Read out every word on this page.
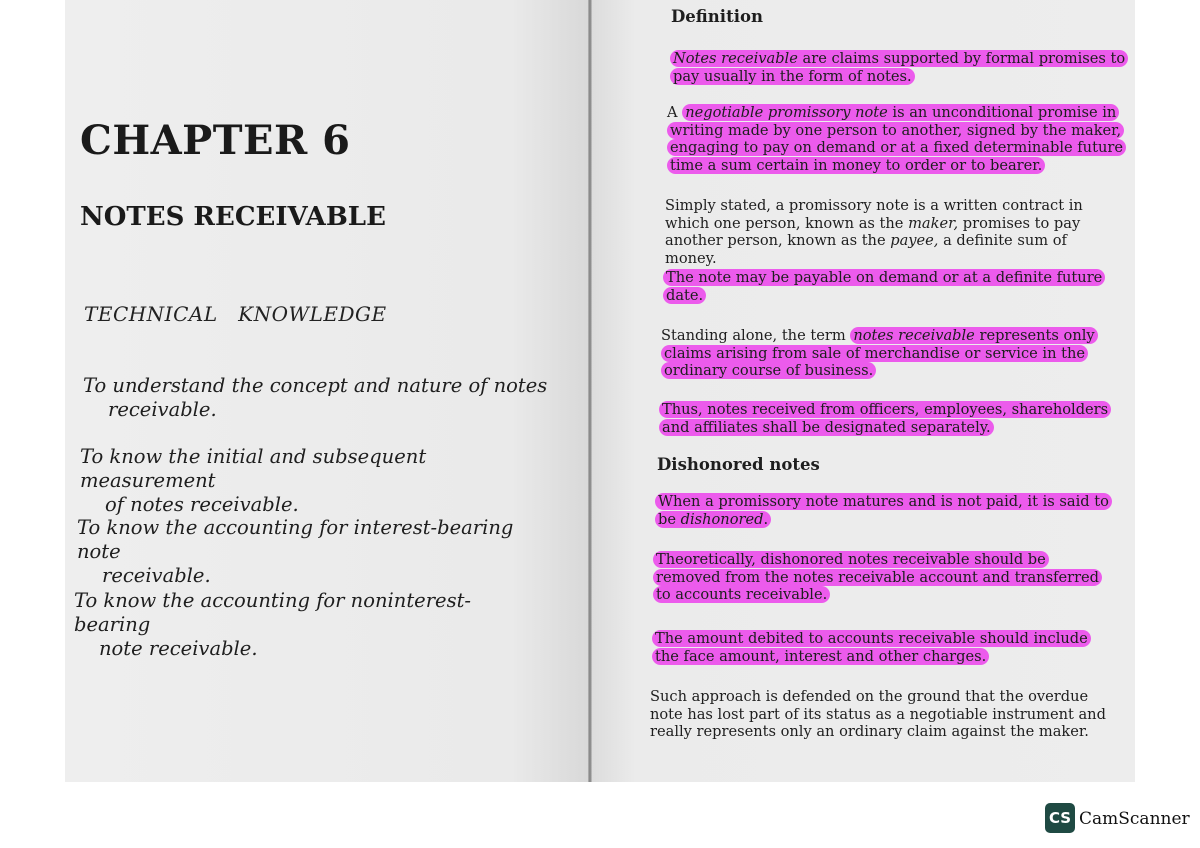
CHAPTER 6
NOTES RECEIVABLE
TECHNICAL   KNOWLEDGE
To understand the concept and nature of notes
receivable.
To know the initial and subsequent measurement
of notes receivable.
To know the accounting for interest-bearing note
receivable.
To know the accounting for noninterest-bearing
note receivable.
Definition
Notes receivable are claims supported by formal promises to pay usually in the form of notes.
A negotiable promissory note is an unconditional promise in writing made by one person to another, signed by the maker, engaging to pay on demand or at a fixed determinable future time a sum certain in money to order or to bearer.
Simply stated, a promissory note is a written contract in which one person, known as the maker, promises to pay another person, known as the payee, a definite sum of money.
The note may be payable on demand or at a definite future date.
Standing alone, the term notes receivable represents only claims arising from sale of merchandise or service in the ordinary course of business.
Thus, notes received from officers, employees, shareholders and affiliates shall be designated separately.
Dishonored notes
When a promissory note matures and is not paid, it is said to be dishonored.
Theoretically, dishonored notes receivable should be removed from the notes receivable account and transferred to accounts receivable.
The amount debited to accounts receivable should include the face amount, interest and other charges.
Such approach is defended on the ground that the overdue note has lost part of its status as a negotiable instrument and really represents only an ordinary claim against the maker.
CS CamScanner
